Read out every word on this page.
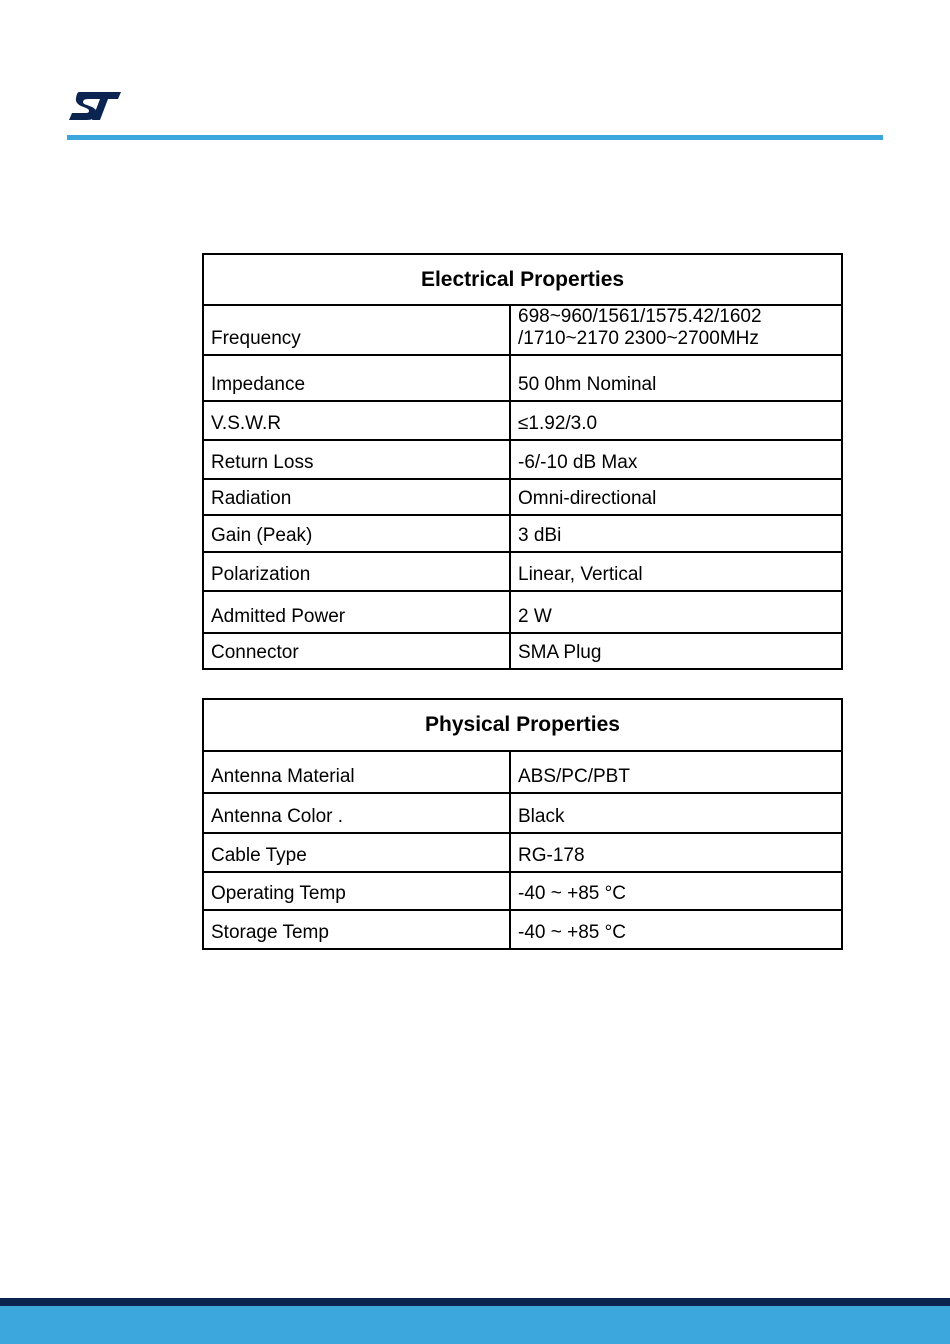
Electrical Properties	
Frequency	698~960/1561/1575.42/1602
/1710~2170 2300~2700MHz

Impedance	50 0hm Nominal
V.S.W.R	≤1.92/3.0
Return Loss	-6/-10 dB Max
Radiation	Omni-directional
Gain (Peak)	3 dBi
Polarization	Linear, Vertical
Admitted Power	2 W
Connector	SMA Plug
Physical Properties	
Antenna Material	ABS/PC/PBT
Antenna Color .	Black
Cable Type	RG-178
Operating Temp	-40 ~ +85 °C
Storage Temp	-40 ~ +85 °C
